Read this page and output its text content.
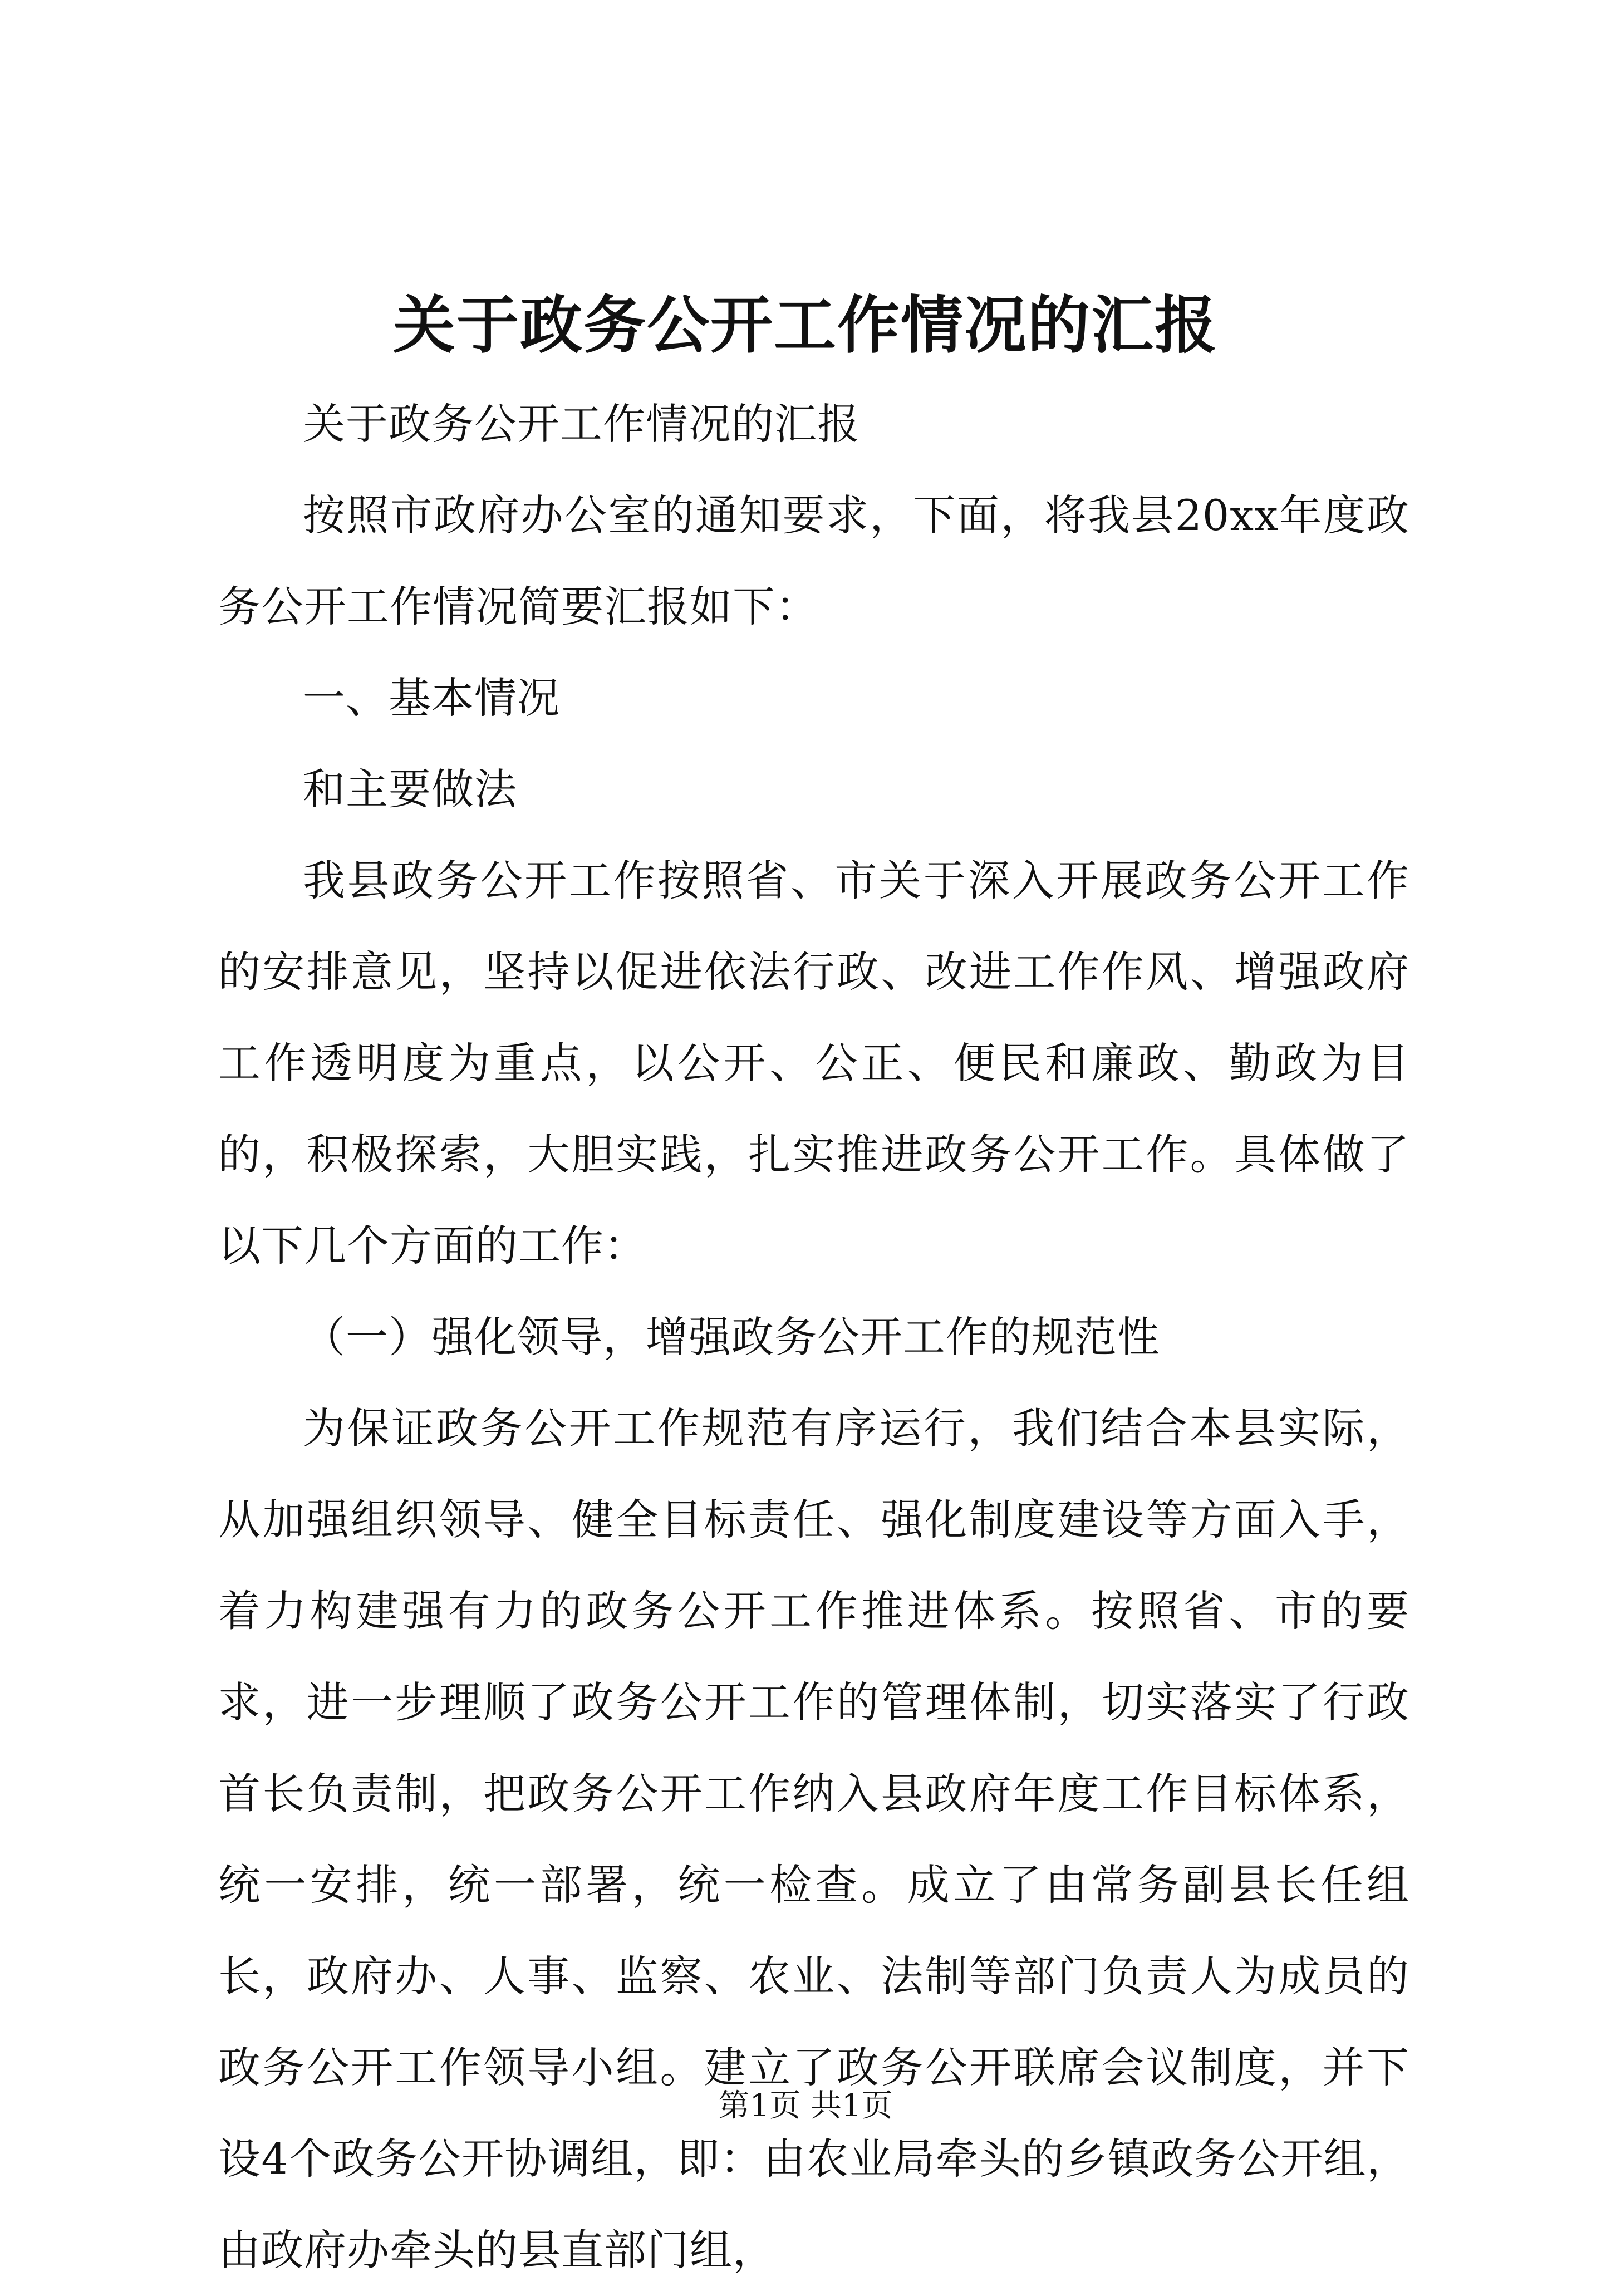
关于政务公开工作情况的汇报

关于政务公开工作情况的汇报

按照市政府办公室的通知要求，下面，将我县20xx年度政务公开工作情况简要汇报如下：

一、基本情况

和主要做法

我县政务公开工作按照省、市关于深入开展政务公开工作的安排意见，坚持以促进依法行政、改进工作作风、增强政府工作透明度为重点，以公开、公正、便民和廉政、勤政为目的，积极探索，大胆实践，扎实推进政务公开工作。具体做了以下几个方面的工作：

（一）强化领导，增强政务公开工作的规范性

为保证政务公开工作规范有序运行，我们结合本县实际，从加强组织领导、健全目标责任、强化制度建设等方面入手，着力构建强有力的政务公开工作推进体系。按照省、市的要求，进一步理顺了政务公开工作的管理体制，切实落实了行政首长负责制，把政务公开工作纳入县政府年度工作目标体系，统一安排，统一部署，统一检查。成立了由常务副县长任组长，政府办、人事、监察、农业、法制等部门负责人为成员的政务公开工作领导小组。建立了政务公开联席会议制度，并下设4个政务公开协调组，即：由农业局牵头的乡镇政务公开组，由政府办牵头的县直部门组，

第1页 共1页
